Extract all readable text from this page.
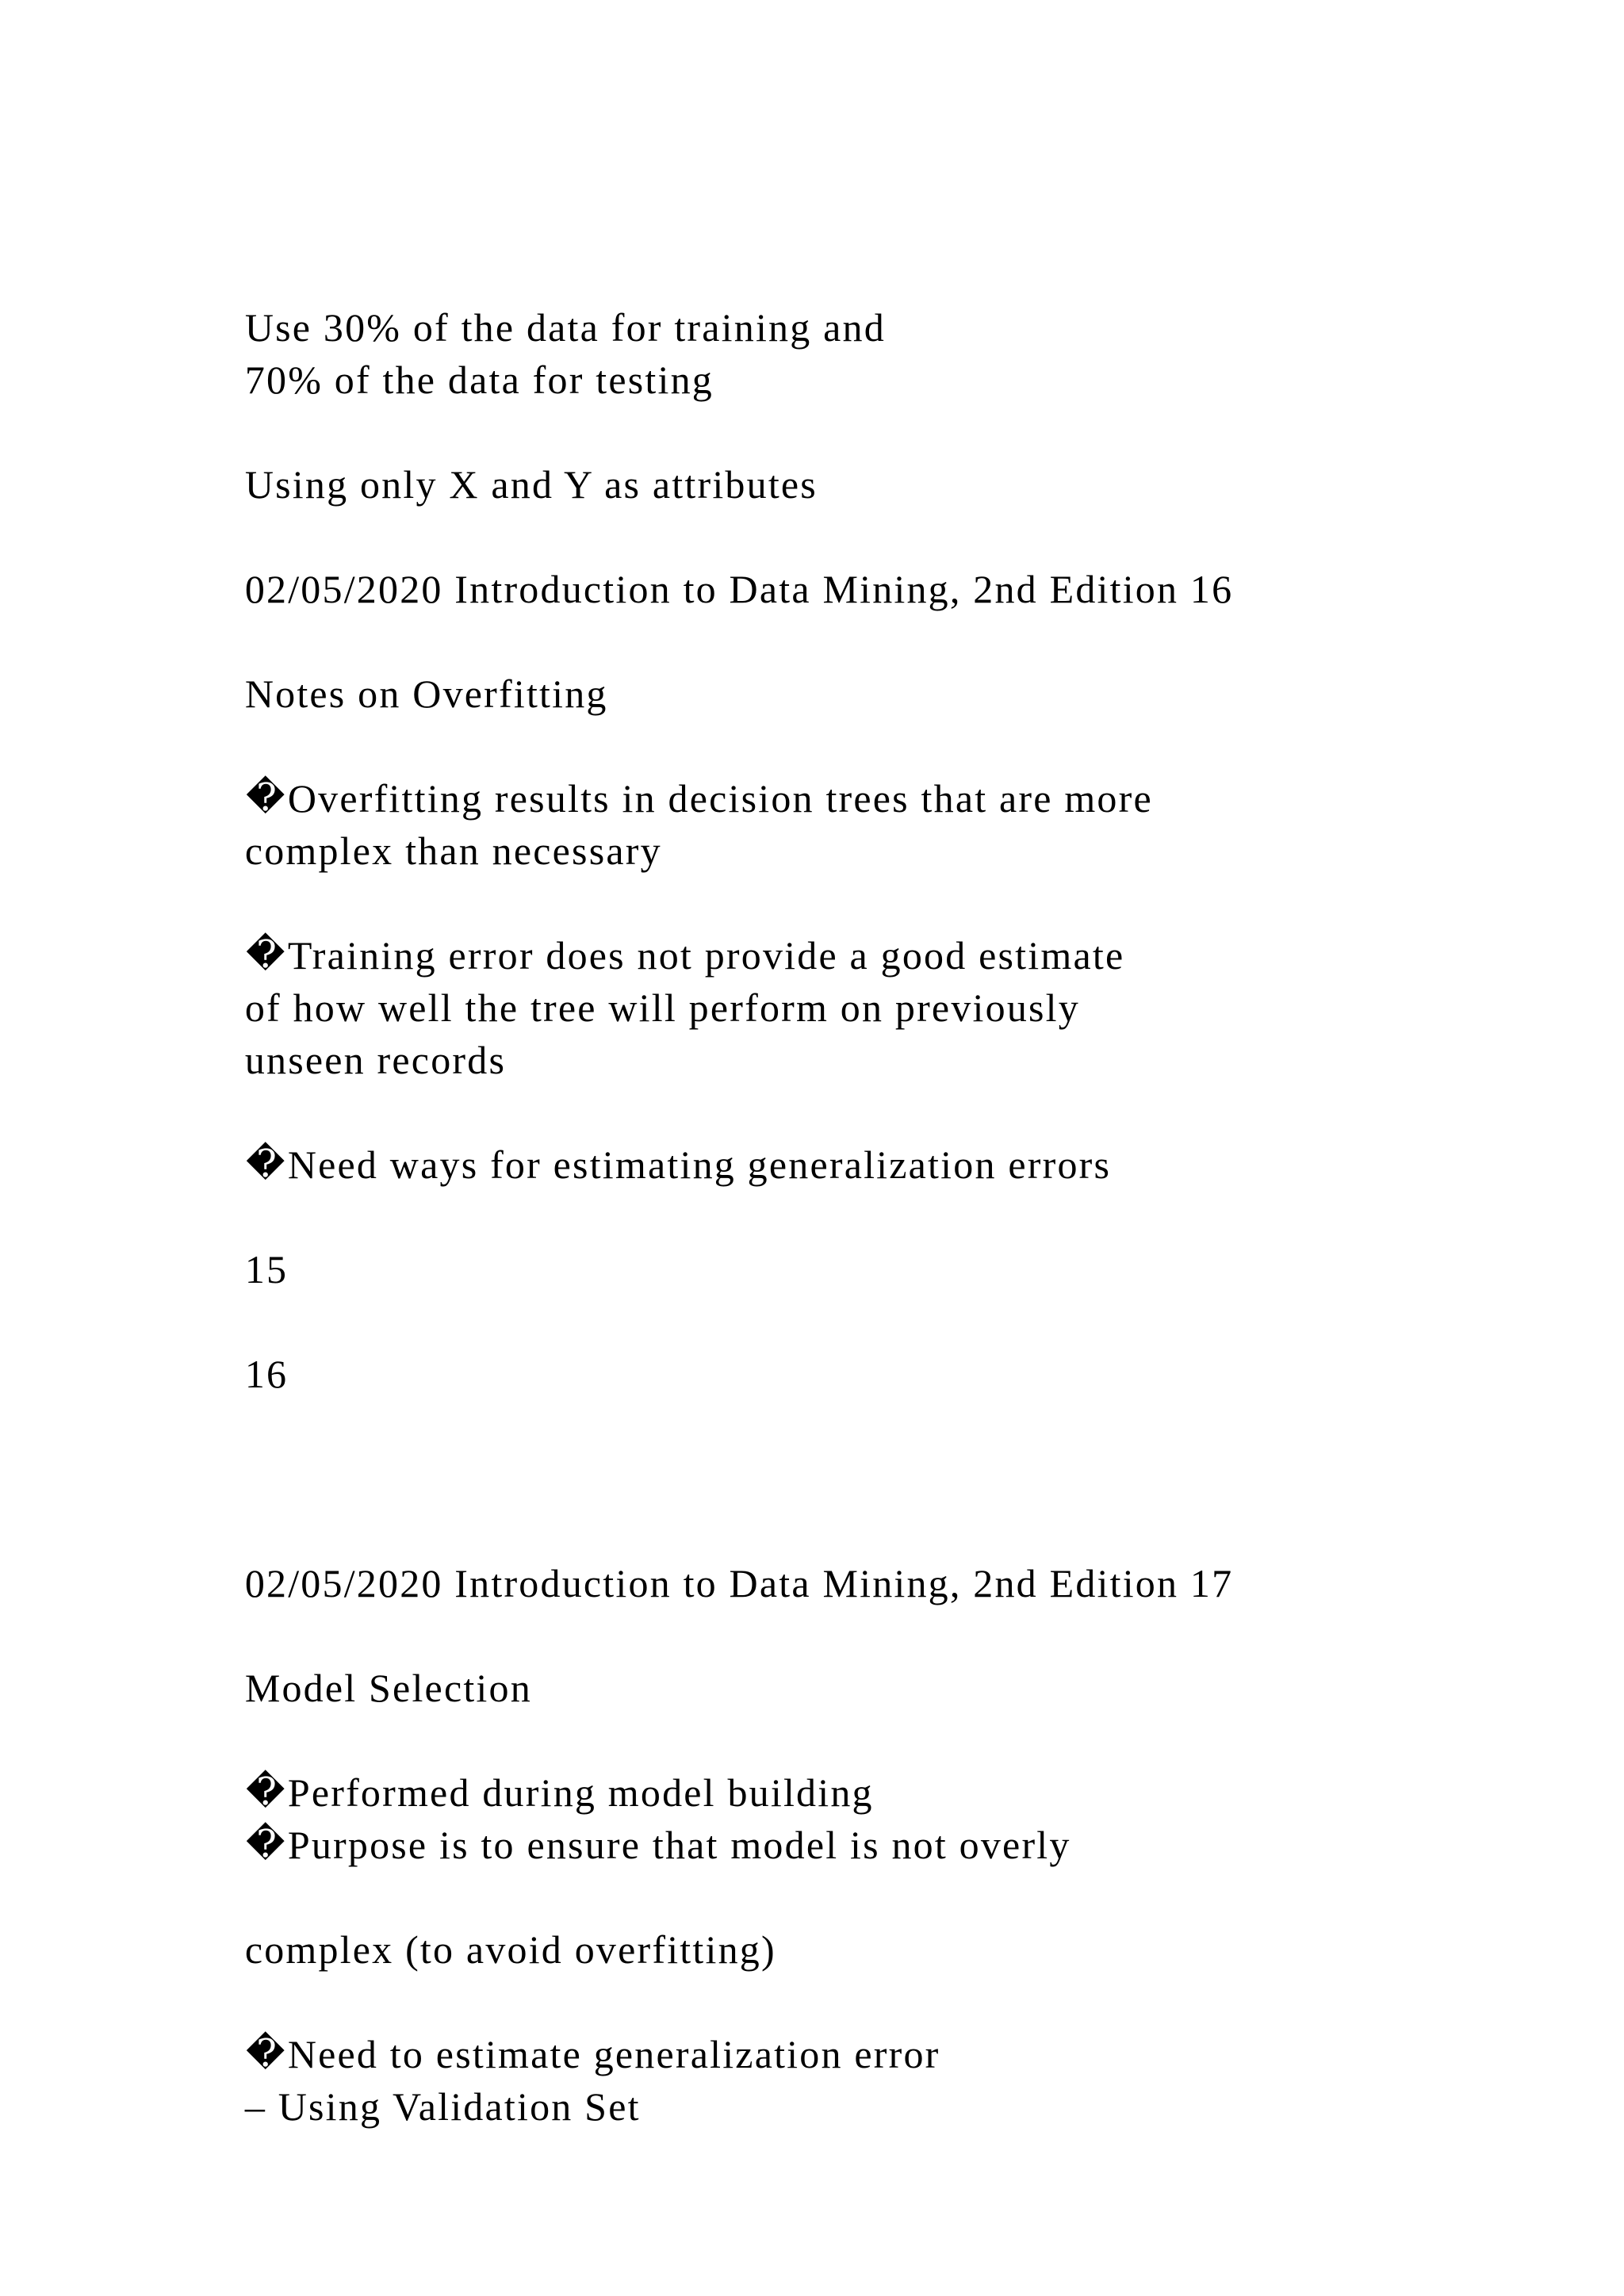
Use 30% of the data for training and

70% of the data for testing

Using only X and Y as attributes

02/05/2020 Introduction to Data Mining, 2nd Edition 16

Notes on Overfitting

�Overfitting results in decision trees that are more

complex than necessary

�Training error does not provide a good estimate

of how well the tree will perform on previously

unseen records

�Need ways for estimating generalization errors

15

16

02/05/2020 Introduction to Data Mining, 2nd Edition 17

Model Selection

�Performed during model building

�Purpose is to ensure that model is not overly

complex (to avoid overfitting)

�Need to estimate generalization error

– Using Validation Set
